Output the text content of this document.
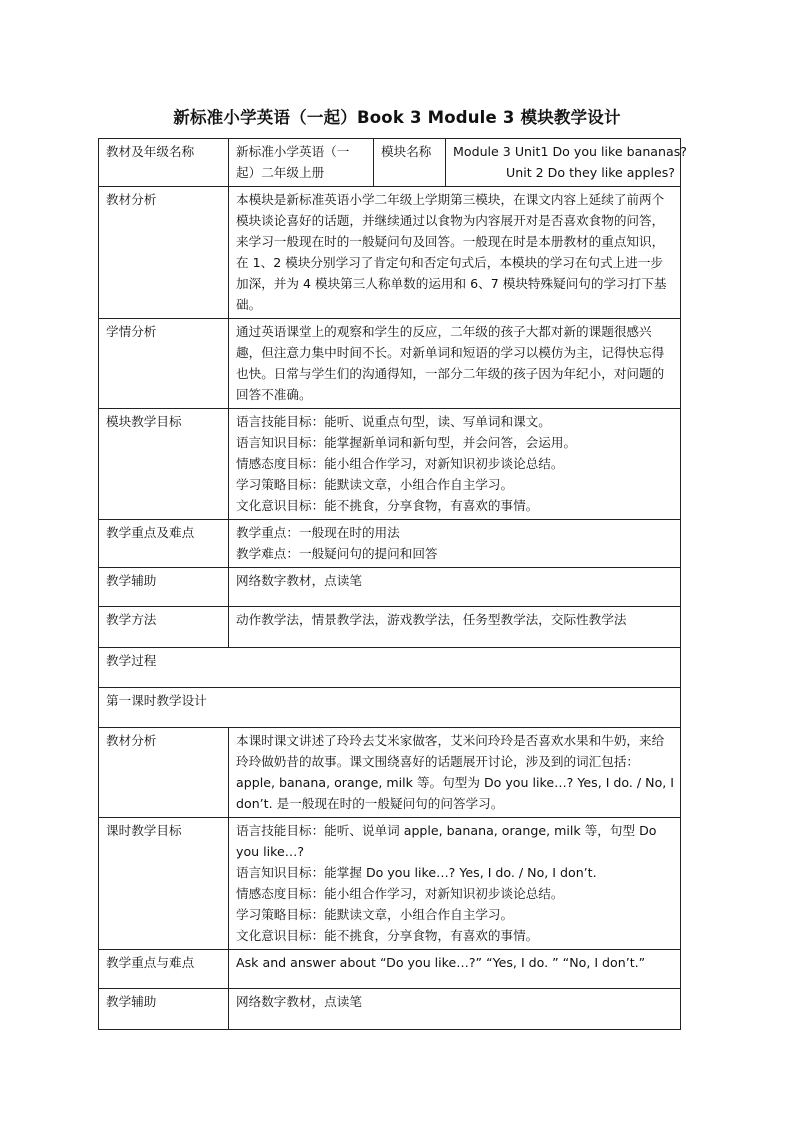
新标准小学英语（一起）Book 3 Module 3 模块教学设计
教材及年级名称	新标准小学英语（一起）二年级上册	模块名称	Module 3 Unit1 Do you like bananas?
Unit 2 Do they like apples?

教材分析	本模块是新标准英语小学二年级上学期第三模块，在课文内容上延续了前两个模块谈论喜好的话题，并继续通过以食物为内容展开对是否喜欢食物的问答，来学习一般现在时的一般疑问句及回答。一般现在时是本册教材的重点知识，在 1、2 模块分别学习了肯定句和否定句式后，本模块的学习在句式上进一步加深，并为 4 模块第三人称单数的运用和 6、7 模块特殊疑问句的学习打下基础。		
学情分析	通过英语课堂上的观察和学生的反应，二年级的孩子大都对新的课题很感兴趣，但注意力集中时间不长。对新单词和短语的学习以模仿为主，记得快忘得也快。日常与学生们的沟通得知，一部分二年级的孩子因为年纪小，对问题的回答不准确。		
模块教学目标	语言技能目标：能听、说重点句型，读、写单词和课文。
语言知识目标：能掌握新单词和新句型，并会问答，会运用。
情感态度目标：能小组合作学习，对新知识初步谈论总结。
学习策略目标：能默读文章，小组合作自主学习。
文化意识目标：能不挑食，分享食物，有喜欢的事情。		

教学重点及难点	教学重点：一般现在时的用法
教学难点：一般疑问句的提问和回答		

教学辅助	网络数字教材，点读笔		
教学方法	动作教学法，情景教学法，游戏教学法，任务型教学法，交际性教学法		
教学过程			
第一课时教学设计			
教材分析	本课时课文讲述了玲玲去艾米家做客，艾米问玲玲是否喜欢水果和牛奶，来给玲玲做奶昔的故事。课文围绕喜好的话题展开讨论，涉及到的词汇包括：apple, banana, orange, milk 等。句型为 Do you like…? Yes, I do. / No, I don’t. 是一般现在时的一般疑问句的问答学习。		
课时教学目标	语言技能目标：能听、说单词 apple, banana, orange, milk 等，句型 Do you like…?
语言知识目标：能掌握 Do you like…? Yes, I do. / No, I don’t.
情感态度目标：能小组合作学习，对新知识初步谈论总结。
学习策略目标：能默读文章，小组合作自主学习。
文化意识目标：能不挑食，分享食物，有喜欢的事情。		

教学重点与难点	Ask and answer about “Do you like…?” “Yes, I do. ” “No, I don’t.”		
教学辅助	网络数字教材，点读笔		
